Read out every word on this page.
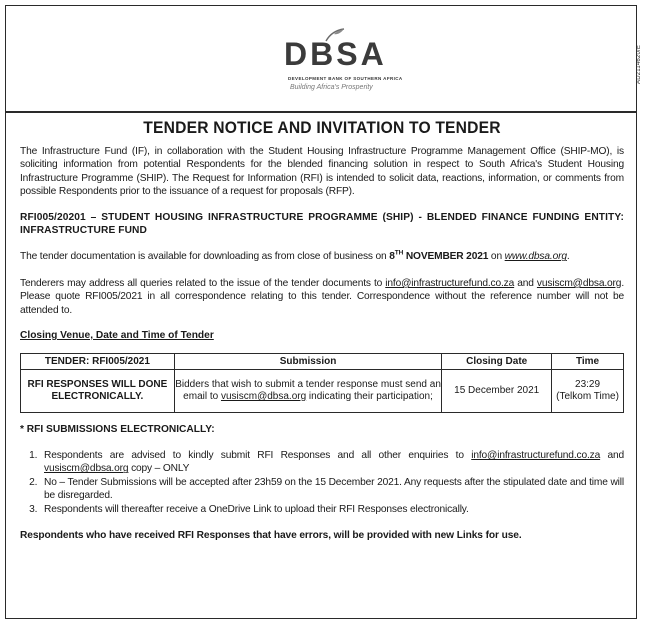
AD2114620/E
DBSA
DEVELOPMENT BANK OF SOUTHERN AFRICA
Building Africa's Prosperity
TENDER NOTICE AND INVITATION TO TENDER

The Infrastructure Fund (IF), in collaboration with the Student Housing Infrastructure Programme Management Office (SHIP-MO), is soliciting information from potential Respondents for the blended financing solution in respect to South Africa's Student Housing Infrastructure Programme (SHIP). The Request for Information (RFI) is intended to solicit data, reactions, information, or comments from possible Respondents prior to the issuance of a request for proposals (RFP).

RFI005/20201 – STUDENT HOUSING INFRASTRUCTURE PROGRAMME (SHIP) - BLENDED FINANCE FUNDING ENTITY: INFRASTRUCTURE FUND

The tender documentation is available for downloading as from close of business on 8TH NOVEMBER 2021 on www.dbsa.org.

Tenderers may address all queries related to the issue of the tender documents to info@infrastructurefund.co.za and vusiscm@dbsa.org. Please quote RFI005/2021 in all correspondence relating to this tender. Correspondence without the reference number will not be attended to.

Closing Venue, Date and Time of Tender
TENDER: RFI005/2021	Submission	Closing Date	Time
RFI RESPONSES WILL DONE ELECTRONICALLY.	Bidders that wish to submit a tender response must send an email to vusiscm@dbsa.org indicating their participation;	15 December 2021	23:29
(Telkom Time)
* RFI SUBMISSIONS ELECTRONICALLY:
1. Respondents are advised to kindly submit RFI Responses and all other enquiries to info@infrastructurefund.co.za and vusiscm@dbsa.org copy – ONLY
2. No – Tender Submissions will be accepted after 23h59 on the 15 December 2021. Any requests after the stipulated date and time will be disregarded.
3. Respondents will thereafter receive a OneDrive Link to upload their RFI Responses electronically.
Respondents who have received RFI Responses that have errors, will be provided with new Links for use.
